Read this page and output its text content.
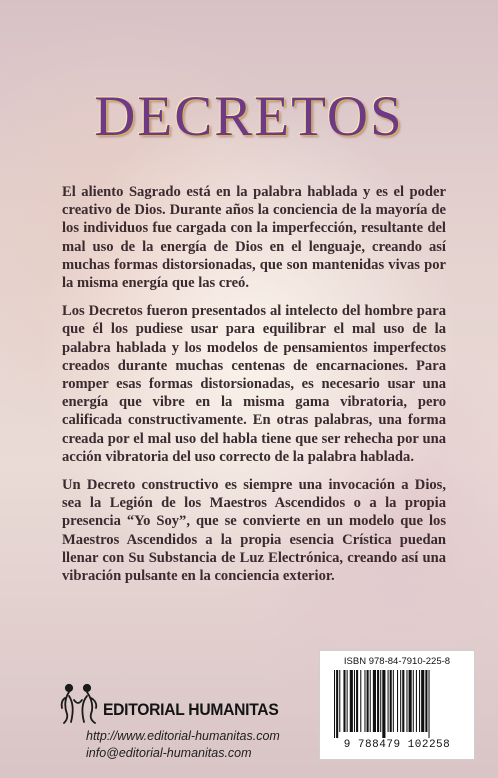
DECRETOS

El aliento Sagrado está en la palabra hablada y es el poder creativo de Dios. Durante años la conciencia de la mayoría de los individuos fue cargada con la imperfección, resultante del mal uso de la energía de Dios en el lenguaje, creando así muchas formas distorsionadas, que son mantenidas vivas por la misma energía que las creó.

Los Decretos fueron presentados al intelecto del hombre para que él los pudiese usar para equilibrar el mal uso de la palabra hablada y los modelos de pensamientos imperfectos creados durante muchas centenas de encarnaciones. Para romper esas formas distorsionadas, es necesario usar una energía que vibre en la misma gama vibratoria, pero calificada constructivamente. En otras palabras, una forma creada por el mal uso del habla tiene que ser rehecha por una acción vibratoria del uso correcto de la palabra hablada.

Un Decreto constructivo es siempre una invocación a Dios, sea la Legión de los Maestros Ascendidos o a la propia presencia “Yo Soy”, que se convierte en un modelo que los Maestros Ascendidos a la propia esencia Crística puedan llenar con Su Substancia de Luz Electrónica, creando así una vibración pulsante en la conciencia exterior.

EDITORIAL HUMANITAS
http://www.editorial-humanitas.com
info@editorial-humanitas.com
ISBN 978-84-7910-225-8
9 788479 102258
